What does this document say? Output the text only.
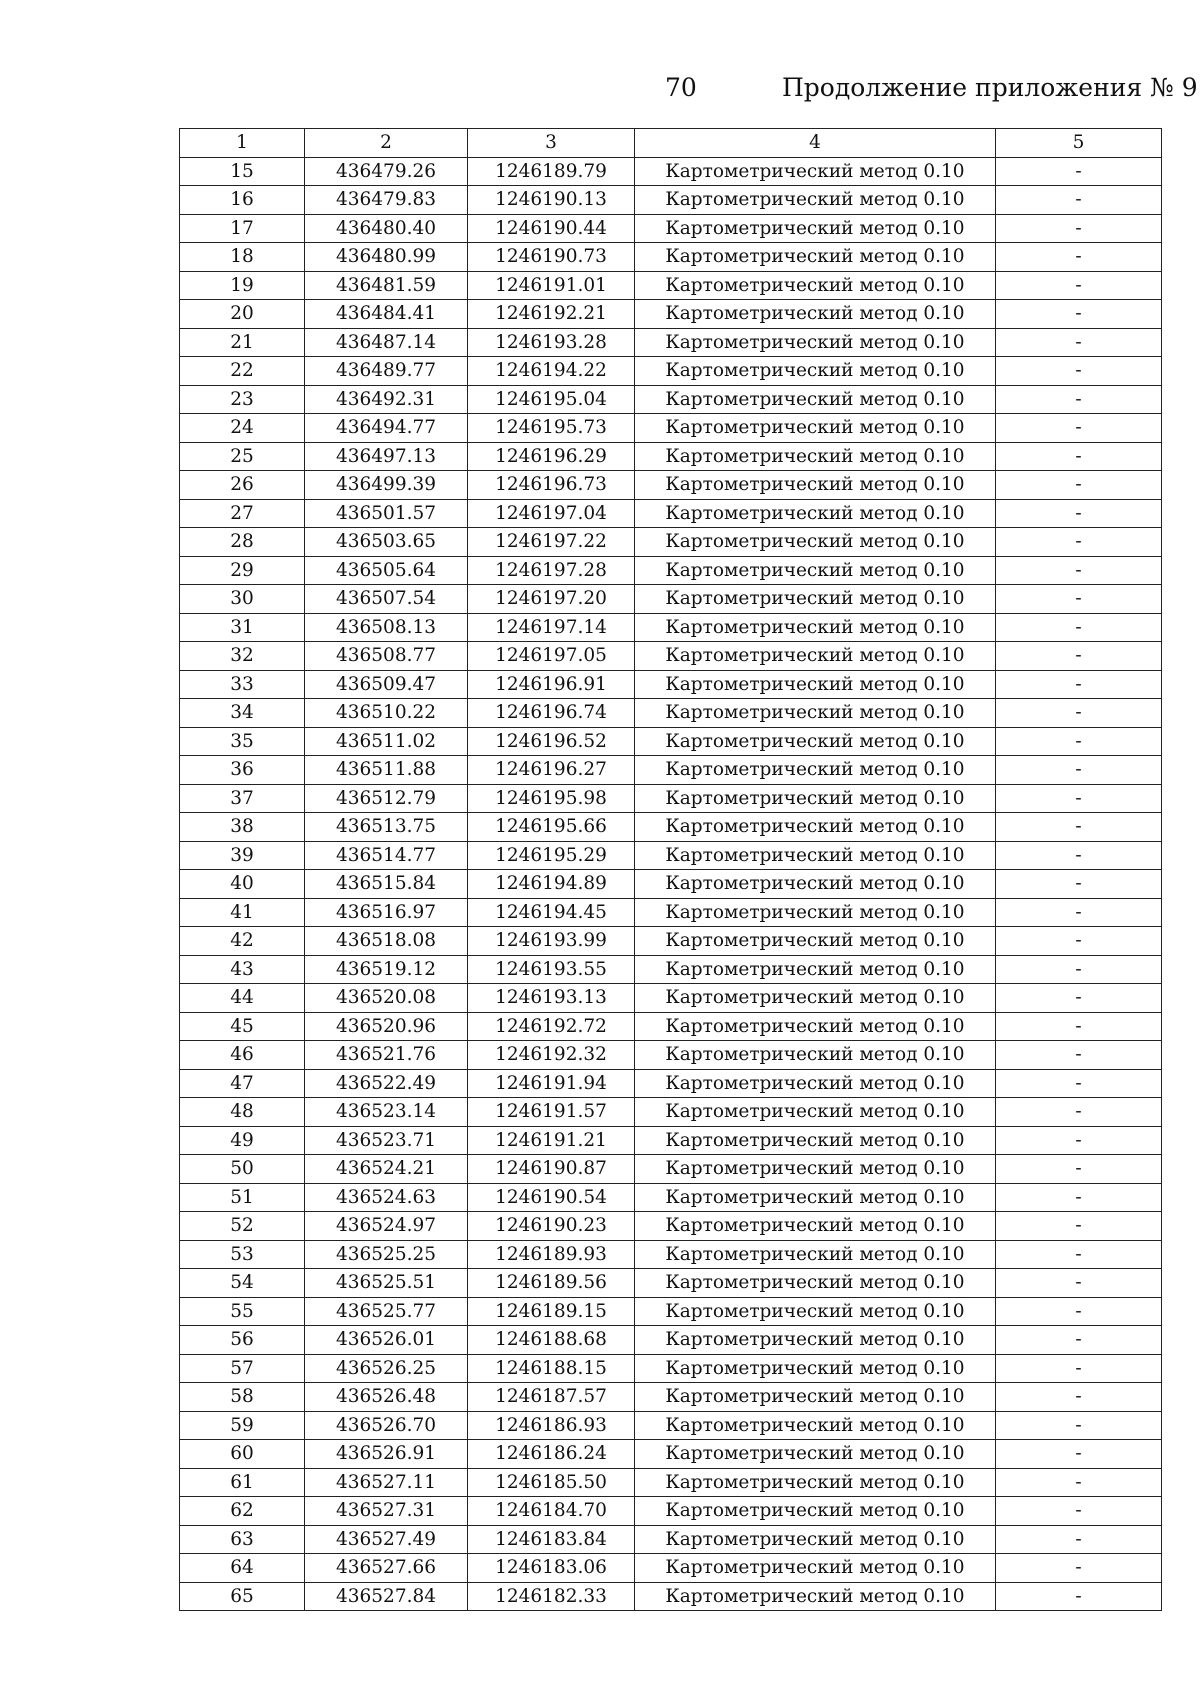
70	Продолжение приложения № 9
1	2	3	4	5
15	436479.26	1246189.79	Картометрический метод 0.10	-
16	436479.83	1246190.13	Картометрический метод 0.10	-
17	436480.40	1246190.44	Картометрический метод 0.10	-
18	436480.99	1246190.73	Картометрический метод 0.10	-
19	436481.59	1246191.01	Картометрический метод 0.10	-
20	436484.41	1246192.21	Картометрический метод 0.10	-
21	436487.14	1246193.28	Картометрический метод 0.10	-
22	436489.77	1246194.22	Картометрический метод 0.10	-
23	436492.31	1246195.04	Картометрический метод 0.10	-
24	436494.77	1246195.73	Картометрический метод 0.10	-
25	436497.13	1246196.29	Картометрический метод 0.10	-
26	436499.39	1246196.73	Картометрический метод 0.10	-
27	436501.57	1246197.04	Картометрический метод 0.10	-
28	436503.65	1246197.22	Картометрический метод 0.10	-
29	436505.64	1246197.28	Картометрический метод 0.10	-
30	436507.54	1246197.20	Картометрический метод 0.10	-
31	436508.13	1246197.14	Картометрический метод 0.10	-
32	436508.77	1246197.05	Картометрический метод 0.10	-
33	436509.47	1246196.91	Картометрический метод 0.10	-
34	436510.22	1246196.74	Картометрический метод 0.10	-
35	436511.02	1246196.52	Картометрический метод 0.10	-
36	436511.88	1246196.27	Картометрический метод 0.10	-
37	436512.79	1246195.98	Картометрический метод 0.10	-
38	436513.75	1246195.66	Картометрический метод 0.10	-
39	436514.77	1246195.29	Картометрический метод 0.10	-
40	436515.84	1246194.89	Картометрический метод 0.10	-
41	436516.97	1246194.45	Картометрический метод 0.10	-
42	436518.08	1246193.99	Картометрический метод 0.10	-
43	436519.12	1246193.55	Картометрический метод 0.10	-
44	436520.08	1246193.13	Картометрический метод 0.10	-
45	436520.96	1246192.72	Картометрический метод 0.10	-
46	436521.76	1246192.32	Картометрический метод 0.10	-
47	436522.49	1246191.94	Картометрический метод 0.10	-
48	436523.14	1246191.57	Картометрический метод 0.10	-
49	436523.71	1246191.21	Картометрический метод 0.10	-
50	436524.21	1246190.87	Картометрический метод 0.10	-
51	436524.63	1246190.54	Картометрический метод 0.10	-
52	436524.97	1246190.23	Картометрический метод 0.10	-
53	436525.25	1246189.93	Картометрический метод 0.10	-
54	436525.51	1246189.56	Картометрический метод 0.10	-
55	436525.77	1246189.15	Картометрический метод 0.10	-
56	436526.01	1246188.68	Картометрический метод 0.10	-
57	436526.25	1246188.15	Картометрический метод 0.10	-
58	436526.48	1246187.57	Картометрический метод 0.10	-
59	436526.70	1246186.93	Картометрический метод 0.10	-
60	436526.91	1246186.24	Картометрический метод 0.10	-
61	436527.11	1246185.50	Картометрический метод 0.10	-
62	436527.31	1246184.70	Картометрический метод 0.10	-
63	436527.49	1246183.84	Картометрический метод 0.10	-
64	436527.66	1246183.06	Картометрический метод 0.10	-
65	436527.84	1246182.33	Картометрический метод 0.10	-
